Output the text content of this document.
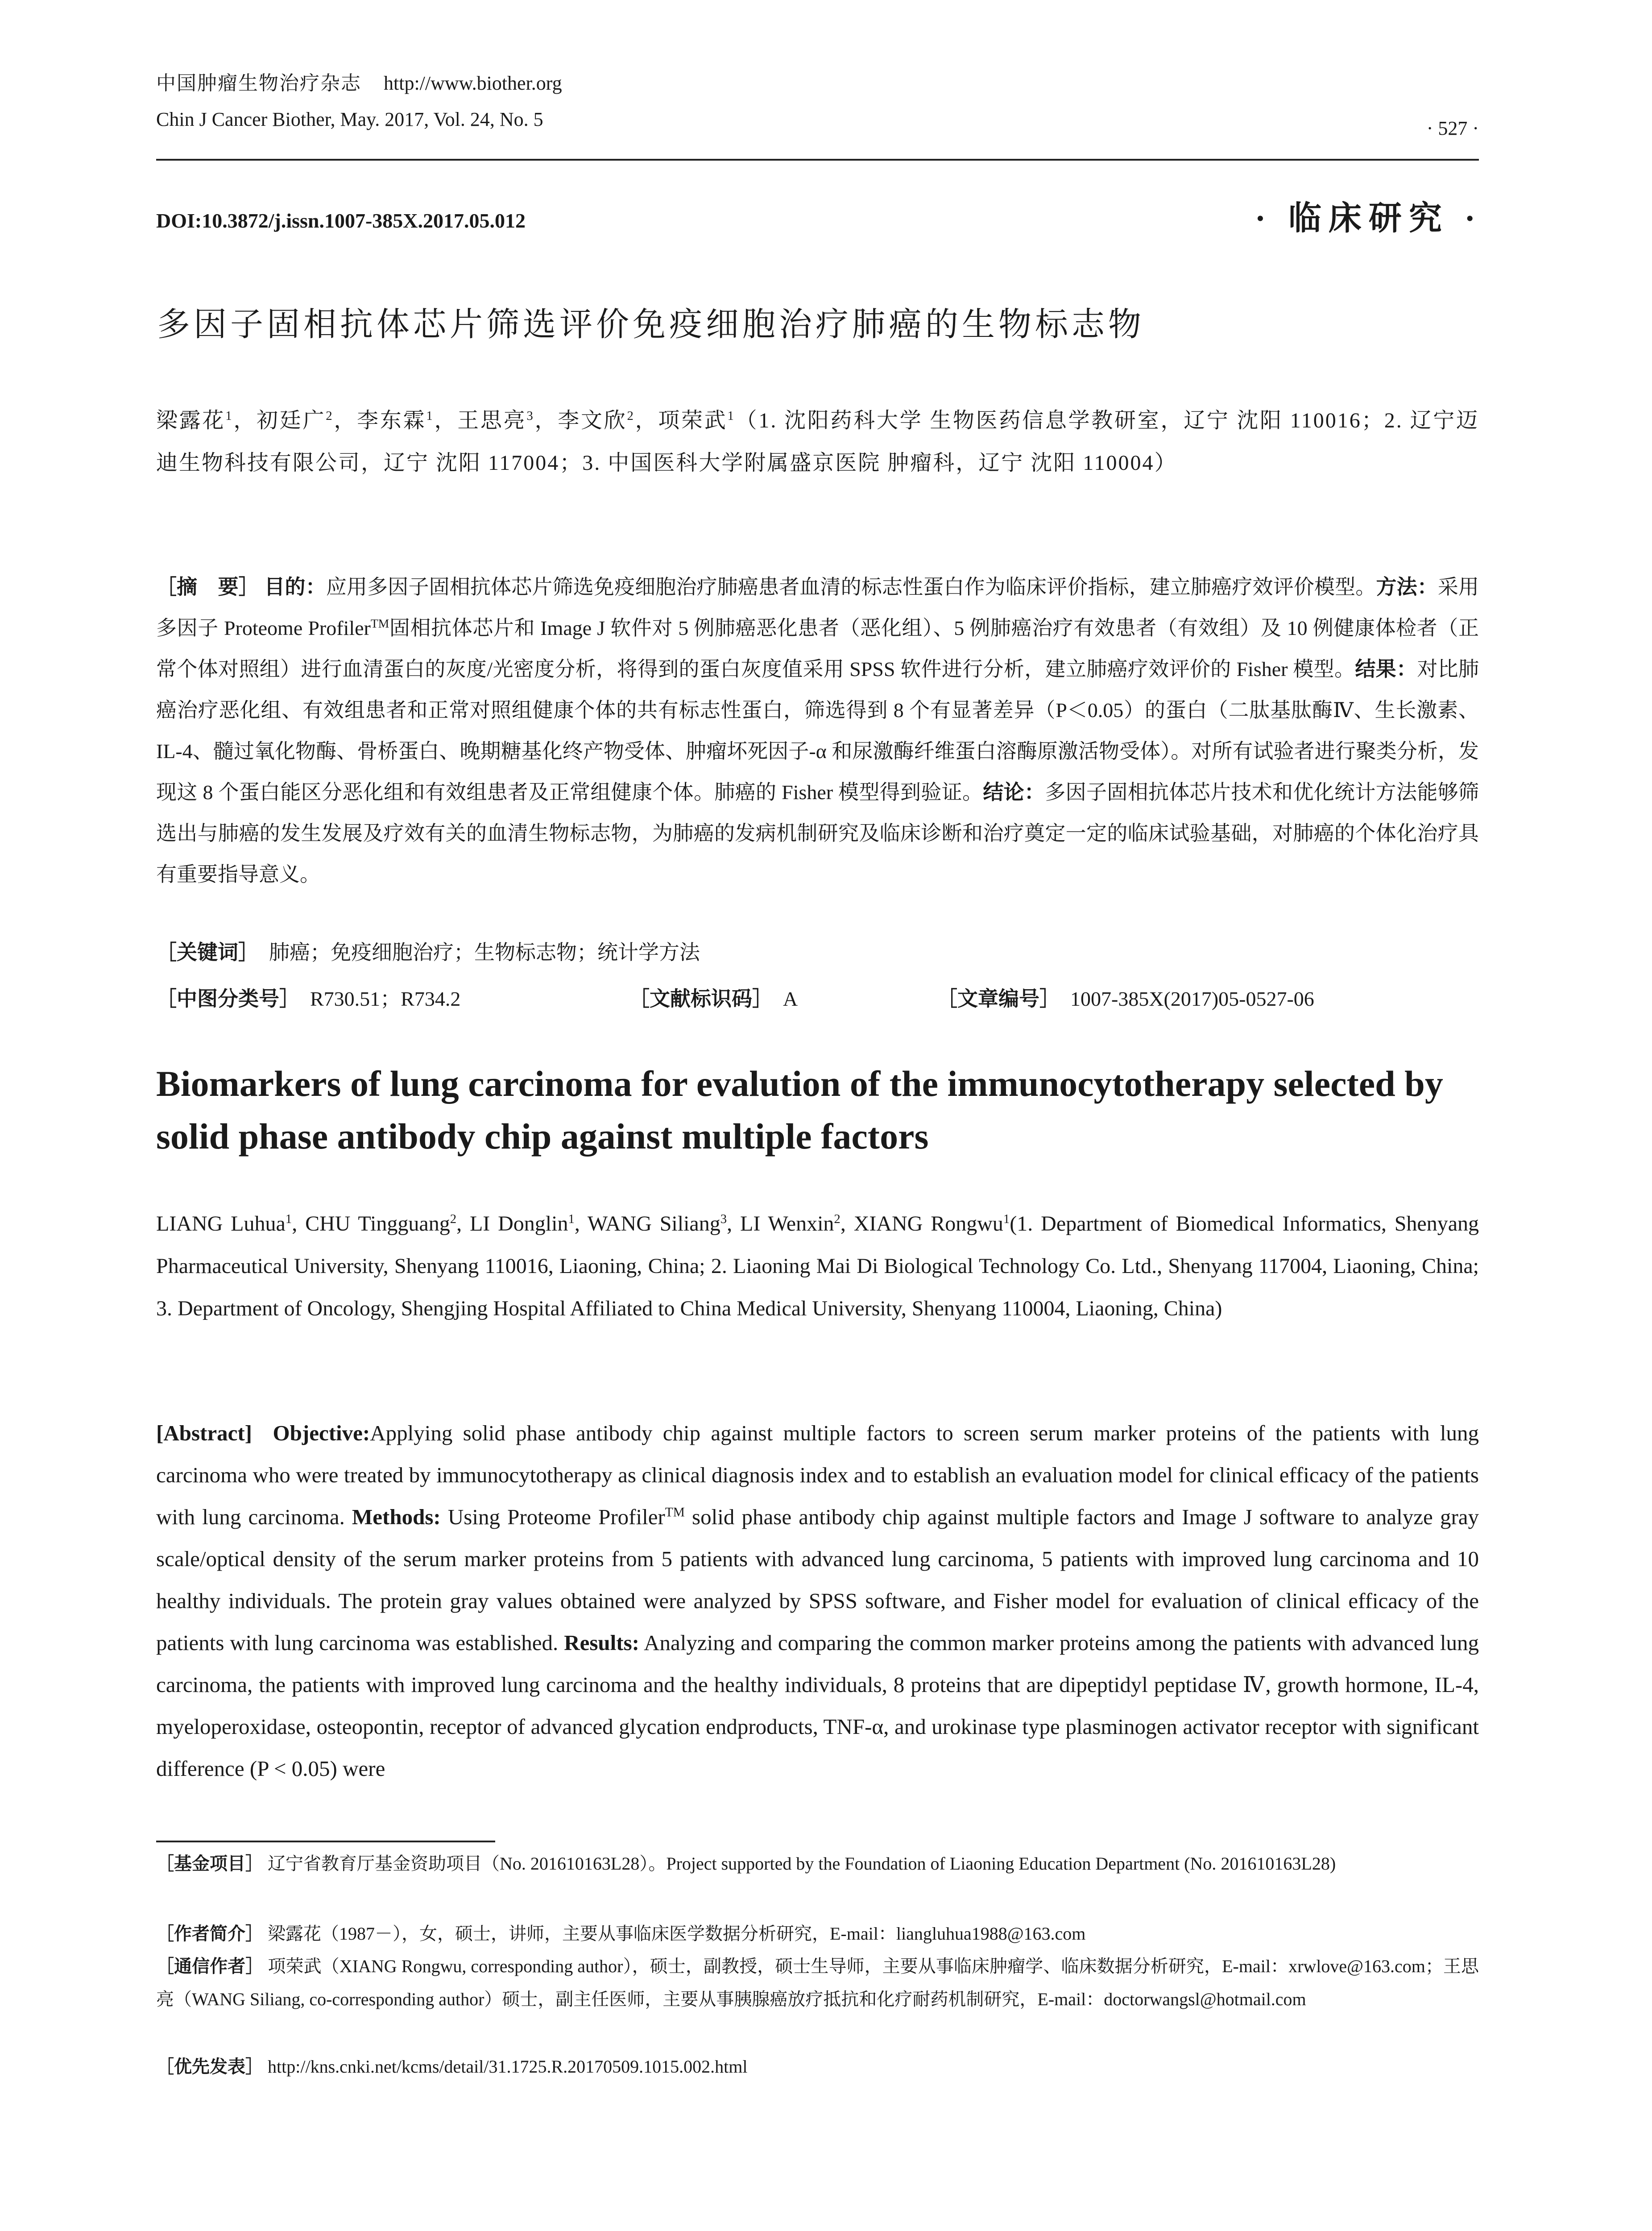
中国肿瘤生物治疗杂志 http://www.biother.org
Chin J Cancer Biother, May. 2017, Vol. 24, No. 5	· 527 ·
DOI:10.3872/j.issn.1007-385X.2017.05.012	· 临床研究 ·
多因子固相抗体芯片筛选评价免疫细胞治疗肺癌的生物标志物
梁露花$^1$，初廷广$^2$，李东霖$^1$，王思亮$^3$，李文欣$^2$，项荣武$^1$（1. 沈阳药科大学 生物医药信息学教研室，辽宁 沈阳 110016；2. 辽宁迈迪生物科技有限公司，辽宁 沈阳 117004；3. 中国医科大学附属盛京医院 肿瘤科，辽宁 沈阳 110004）
［摘　要］ 目的：应用多因子固相抗体芯片筛选免疫细胞治疗肺癌患者血清的标志性蛋白作为临床评价指标，建立肺癌疗效评价模型。方法：采用多因子 Proteome Profiler™固相抗体芯片和 Image J 软件对 5 例肺癌恶化患者（恶化组）、5 例肺癌治疗有效患者（有效组）及 10 例健康体检者（正常个体对照组）进行血清蛋白的灰度/光密度分析，将得到的蛋白灰度值采用 SPSS 软件进行分析，建立肺癌疗效评价的 Fisher 模型。结果：对比肺癌治疗恶化组、有效组患者和正常对照组健康个体的共有标志性蛋白，筛选得到 8 个有显著差异（P＜0.05）的蛋白（二肽基肽酶Ⅳ、生长激素、IL-4、髓过氧化物酶、骨桥蛋白、晚期糖基化终产物受体、肿瘤坏死因子-α 和尿激酶纤维蛋白溶酶原激活物受体）。对所有试验者进行聚类分析，发现这 8 个蛋白能区分恶化组和有效组患者及正常组健康个体。肺癌的 Fisher 模型得到验证。结论：多因子固相抗体芯片技术和优化统计方法能够筛选出与肺癌的发生发展及疗效有关的血清生物标志物，为肺癌的发病机制研究及临床诊断和治疗奠定一定的临床试验基础，对肺癌的个体化治疗具有重要指导意义。
［关键词］ 肺癌；免疫细胞治疗；生物标志物；统计学方法
［中图分类号］ R730.51；R734.2	［文献标识码］ A	［文章编号］ 1007-385X(2017)05-0527-06
Biomarkers of lung carcinoma for evalution of the immunocytotherapy selected by solid phase antibody chip against multiple factors
LIANG Luhua$^1$, CHU Tingguang$^2$, LI Donglin$^1$, WANG Siliang$^3$, LI Wenxin$^2$, XIANG Rongwu$^1$(1. Department of Biomedical Informatics, Shenyang Pharmaceutical University, Shenyang 110016, Liaoning, China; 2. Liaoning Mai Di Biological Technology Co. Ltd., Shenyang 117004, Liaoning, China; 3. Department of Oncology, Shengjing Hospital Affiliated to China Medical University, Shenyang 110004, Liaoning, China)
[Abstract] Objective:Applying solid phase antibody chip against multiple factors to screen serum marker proteins of the patients with lung carcinoma who were treated by immunocytotherapy as clinical diagnosis index and to establish an evaluation model for clinical efficacy of the patients with lung carcinoma. Methods: Using Proteome Profiler™ solid phase antibody chip against multiple factors and Image J software to analyze gray scale/optical density of the serum marker proteins from 5 patients with advanced lung carcinoma, 5 patients with improved lung carcinoma and 10 healthy individuals. The protein gray values obtained were analyzed by SPSS software, and Fisher model for evaluation of clinical efficacy of the patients with lung carcinoma was established. Results: Analyzing and comparing the common marker proteins among the patients with advanced lung carcinoma, the patients with improved lung carcinoma and the healthy individuals, 8 proteins that are dipeptidyl peptidase Ⅳ, growth hormone, IL-4, myeloperoxidase, osteopontin, receptor of advanced glycation endproducts, TNF-α, and urokinase type plasminogen activator receptor with significant difference (P < 0.05) were
［基金项目］ 辽宁省教育厅基金资助项目（No. 201610163L28）。Project supported by the Foundation of Liaoning Education Department (No. 201610163L28)
［作者简介］ 梁露花（1987－），女，硕士，讲师，主要从事临床医学数据分析研究，E-mail：liangluhua1988@163.com
［通信作者］ 项荣武（XIANG Rongwu, corresponding author），硕士，副教授，硕士生导师，主要从事临床肿瘤学、临床数据分析研究，E-mail：xrwlove@163.com；王思亮（WANG Siliang, co-corresponding author）硕士，副主任医师，主要从事胰腺癌放疗抵抗和化疗耐药机制研究，E-mail：doctorwangsl@hotmail.com
［优先发表］ http://kns.cnki.net/kcms/detail/31.1725.R.20170509.1015.002.html
